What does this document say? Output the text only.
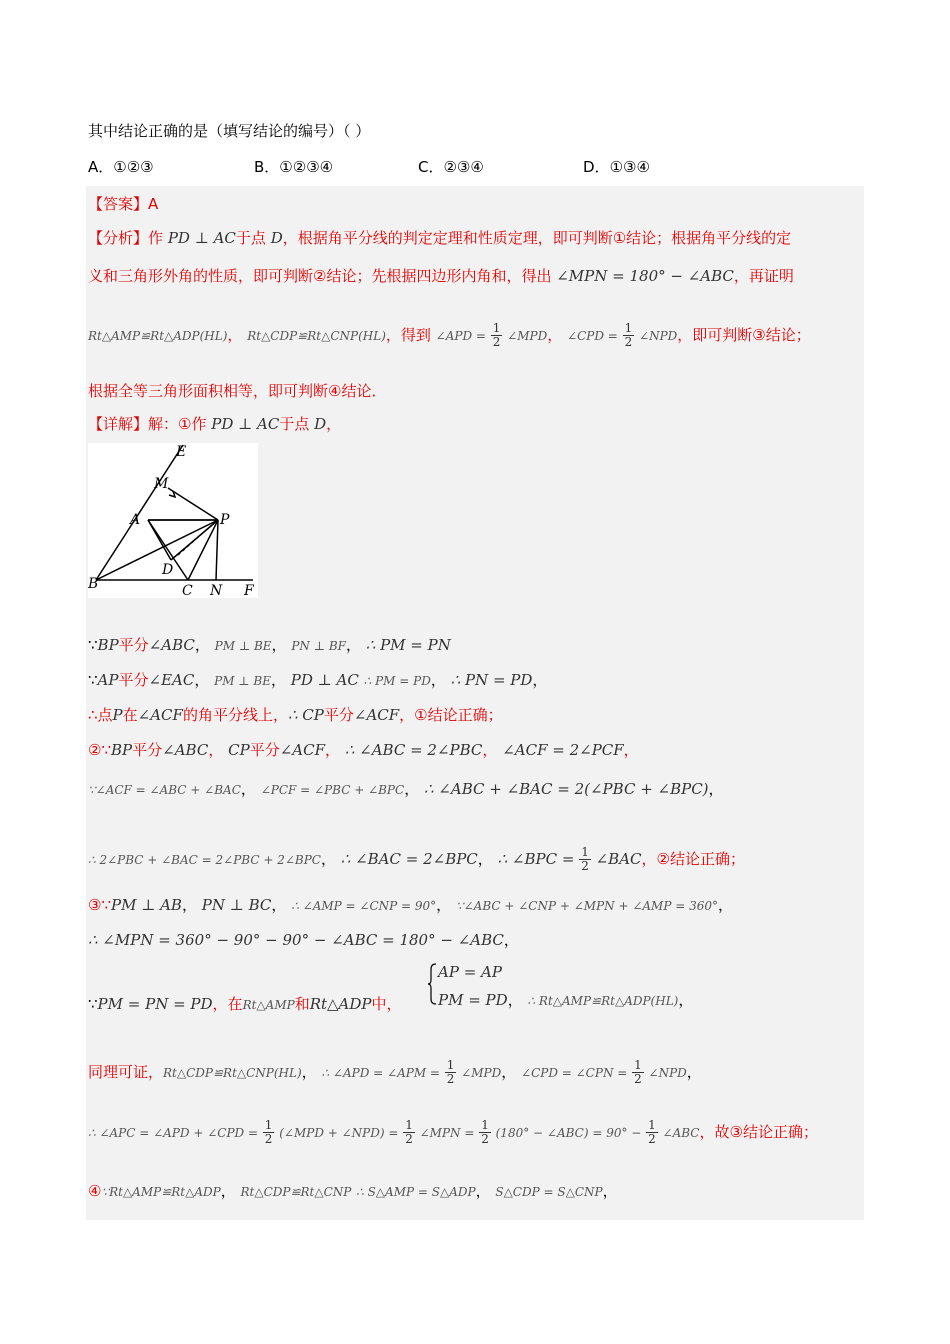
其中结论正确的是（填写结论的编号）（ ）
A．①②③	B．①②③④	C．②③④	D．①③④
【答案】A
【分析】作 PD ⊥ AC于点 D，根据角平分线的判定定理和性质定理，即可判断①结论；根据角平分线的定
义和三角形外角的性质，即可判断②结论；先根据四边形内角和，得出 ∠MPN = 180° − ∠ABC，再证明
Rt△AMP≌Rt△ADP(HL)， Rt△CDP≌Rt△CNP(HL)，得到 ∠APD = $\frac{1}{2}$ ∠MPD， ∠CPD = $\frac{1}{2}$ ∠NPD，即可判断③结论；
根据全等三角形面积相等，即可判断④结论．
【详解】解：①作 PD ⊥ AC于点 D，
E
M
A	P
D
B	C N F
∵BP平分∠ABC， PM ⊥ BE， PN ⊥ BF， ∴ PM = PN
∵AP平分∠EAC， PM ⊥ BE， PD ⊥ AC ∴ PM = PD， ∴ PN = PD，
∴点P在∠ACF的角平分线上，∴ CP平分∠ACF，①结论正确；
②∵BP平分∠ABC， CP平分∠ACF， ∴ ∠ABC = 2∠PBC， ∠ACF = 2∠PCF，
∵∠ACF = ∠ABC + ∠BAC， ∠PCF = ∠PBC + ∠BPC， ∴ ∠ABC + ∠BAC = 2(∠PBC + ∠BPC)，
∴ 2∠PBC + ∠BAC = 2∠PBC + 2∠BPC， ∴ ∠BAC = 2∠BPC， ∴ ∠BPC = $\frac{1}{2}$ ∠BAC，②结论正确；
③∵PM ⊥ AB， PN ⊥ BC， ∴ ∠AMP = ∠CNP = 90°， ∵∠ABC + ∠CNP + ∠MPN + ∠AMP = 360°，
∴ ∠MPN = 360° − 90° − 90° − ∠ABC = 180° − ∠ABC，
AP = AP
PM = PD， ∴ Rt△AMP≌Rt△ADP(HL)，
∵PM = PN = PD，在Rt△AMP和Rt△ADP中，
同理可证，Rt△CDP≌Rt△CNP(HL)， ∴ ∠APD = ∠APM = $\frac{1}{2}$ ∠MPD， ∠CPD = ∠CPN = $\frac{1}{2}$ ∠NPD，
∴ ∠APC = ∠APD + ∠CPD = $\frac{1}{2}$ (∠MPD + ∠NPD) = $\frac{1}{2}$ ∠MPN = $\frac{1}{2} (180^\circ$ − ∠ABC) = $90^\circ - \frac{1}{2}$ ∠ABC，故③结论正确；
④∵Rt△AMP≌Rt△ADP， Rt△CDP≌Rt△CNP ∴ S△AMP = S△ADP， S△CDP = S△CNP，
